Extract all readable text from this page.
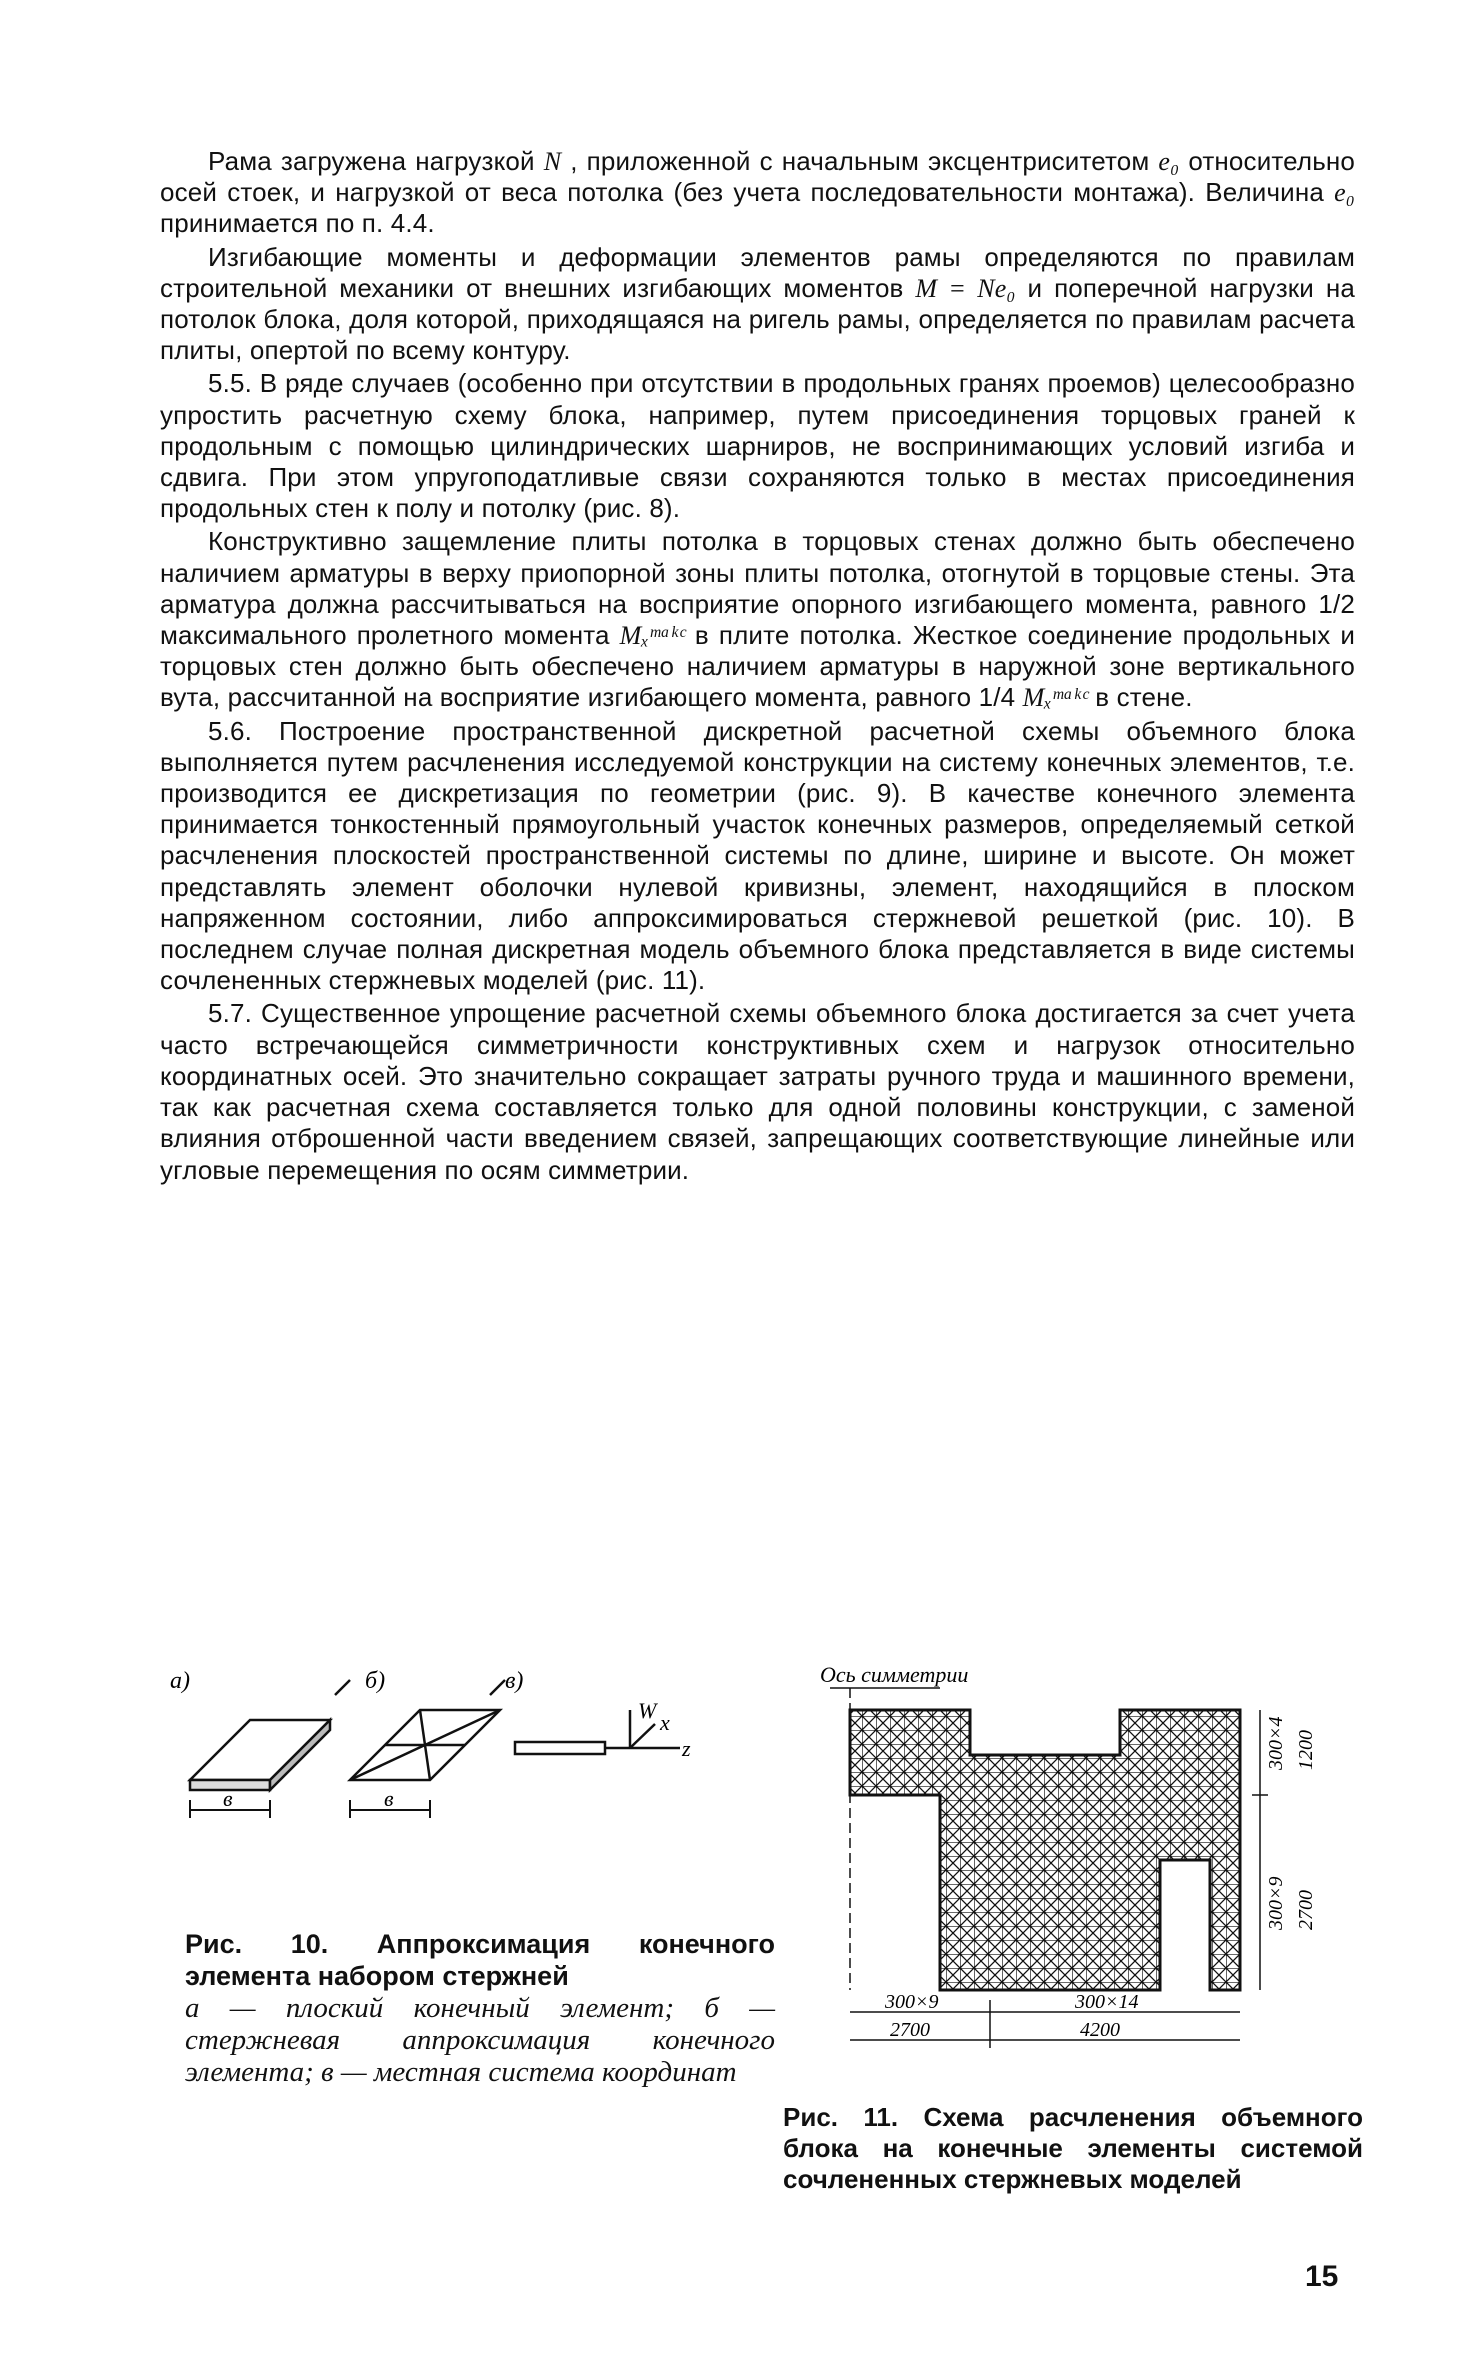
Рама загружена нагрузкой N , приложенной с начальным эксцентриситетом e₀ относительно осей стоек, и нагрузкой от веса потолка (без учета последовательности монтажа). Величина e₀ принимается по п. 4.4.

Изгибающие моменты и деформации элементов рамы определяются по правилам строительной механики от внешних изгибающих моментов M = Ne₀ и поперечной нагрузки на потолок блока, доля которой, приходящаяся на ригель рамы, определяется по правилам расчета плиты, опертой по всему контуру.

5.5. В ряде случаев (особенно при отсутствии в продольных гранях проемов) целесообразно упростить расчетную схему блока, например, путем присоединения торцовых граней к продольным с помощью цилиндрических шарниров, не воспринимающих условий изгиба и сдвига. При этом упругоподатливые связи сохраняются только в местах присоединения продольных стен к полу и потолку (рис. 8).

Конструктивно защемление плиты потолка в торцовых стенах должно быть обеспечено наличием арматуры в верху приопорной зоны плиты потолка, отогнутой в торцовые стены. Эта арматура должна рассчитываться на восприятие опорного изгибающего момента, равного 1/2 максимального пролетного момента Mₓᵐᵃᵏᶜ в плите потолка. Жесткое соединение продольных и торцовых стен должно быть обеспечено наличием арматуры в наружной зоне вертикального вута, рассчитанной на восприятие изгибающего момента, равного 1/4 Mₓᵐᵃᵏᶜ в стене.

5.6. Построение пространственной дискретной расчетной схемы объемного блока выполняется путем расчленения исследуемой конструкции на систему конечных элементов, т.е. производится ее дискретизация по геометрии (рис. 9). В качестве конечного элемента принимается тонкостенный прямоугольный участок конечных размеров, определяемый сеткой расчленения плоскостей пространственной системы по длине, ширине и высоте. Он может представлять элемент оболочки нулевой кривизны, элемент, находящийся в плоском напряженном состоянии, либо аппроксимироваться стержневой решеткой (рис. 10). В последнем случае полная дискретная модель объемного блока представляется в виде системы сочлененных стержневых моделей (рис. 11).

5.7. Существенное упрощение расчетной схемы объемного блока достигается за счет учета часто встречающейся симметричности конструктивных схем и нагрузок относительно координатных осей. Это значительно сокращает затраты ручного труда и машинного времени, так как расчетная схема составляется только для одной половины конструкции, с заменой влияния отброшенной части введением связей, запрещающих соответствующие линейные или угловые перемещения по осям симметрии.

а)
в
б)
в
в)
W x
z
Рис. 10. Аппроксимация конечного элемента набором стержней
а — плоский конечный элемент; б — стержневая аппроксимация конечного элемента; в — местная система координат
Ось симметрии
300×4 1200
300×9 2700
300×9
2700
300×14
4200
Рис. 11. Схема расчленения объемного блока на конечные элементы системой сочлененных стержневых моделей
15
